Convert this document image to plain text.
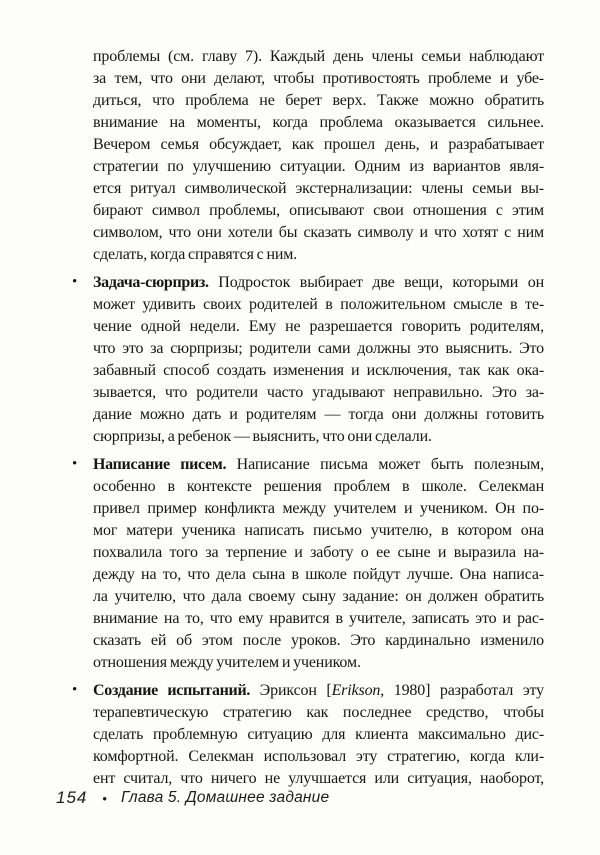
проблемы (см. главу 7). Каждый день члены семьи наблюдают
за тем, что они делают, чтобы противостоять проблеме и убе-
диться, что проблема не берет верх. Также можно обратить
внимание на моменты, когда проблема оказывается сильнее.
Вечером семья обсуждает, как прошел день, и разрабатывает
стратегии по улучшению ситуации. Одним из вариантов явля-
ется ритуал символической экстернализации: члены семьи вы-
бирают символ проблемы, описывают свои отношения с этим
символом, что они хотели бы сказать символу и что хотят с ним
сделать, когда справятся с ним.
• Задача-сюрприз. Подросток выбирает две вещи, которыми он
может удивить своих родителей в положительном смысле в те-
чение одной недели. Ему не разрешается говорить родителям,
что это за сюрпризы; родители сами должны это выяснить. Это
забавный способ создать изменения и исключения, так как ока-
зывается, что родители часто угадывают неправильно. Это за-
дание можно дать и родителям — тогда они должны готовить
сюрпризы, а ребенок — выяснить, что они сделали.
• Написание писем. Написание письма может быть полезным,
особенно в контексте решения проблем в школе. Селекман
привел пример конфликта между учителем и учеником. Он по-
мог матери ученика написать письмо учителю, в котором она
похвалила того за терпение и заботу о ее сыне и выразила на-
дежду на то, что дела сына в школе пойдут лучше. Она написа-
ла учителю, что дала своему сыну задание: он должен обратить
внимание на то, что ему нравится в учителе, записать это и рас-
сказать ей об этом после уроков. Это кардинально изменило
отношения между учителем и учеником.
• Создание испытаний. Эриксон [Erikson, 1980] разработал эту
терапевтическую стратегию как последнее средство, чтобы
сделать проблемную ситуацию для клиента максимально дис-
комфортной. Селекман использовал эту стратегию, когда кли-
ент считал, что ничего не улучшается или ситуация, наоборот,
154 • Глава 5. Домашнее задание
